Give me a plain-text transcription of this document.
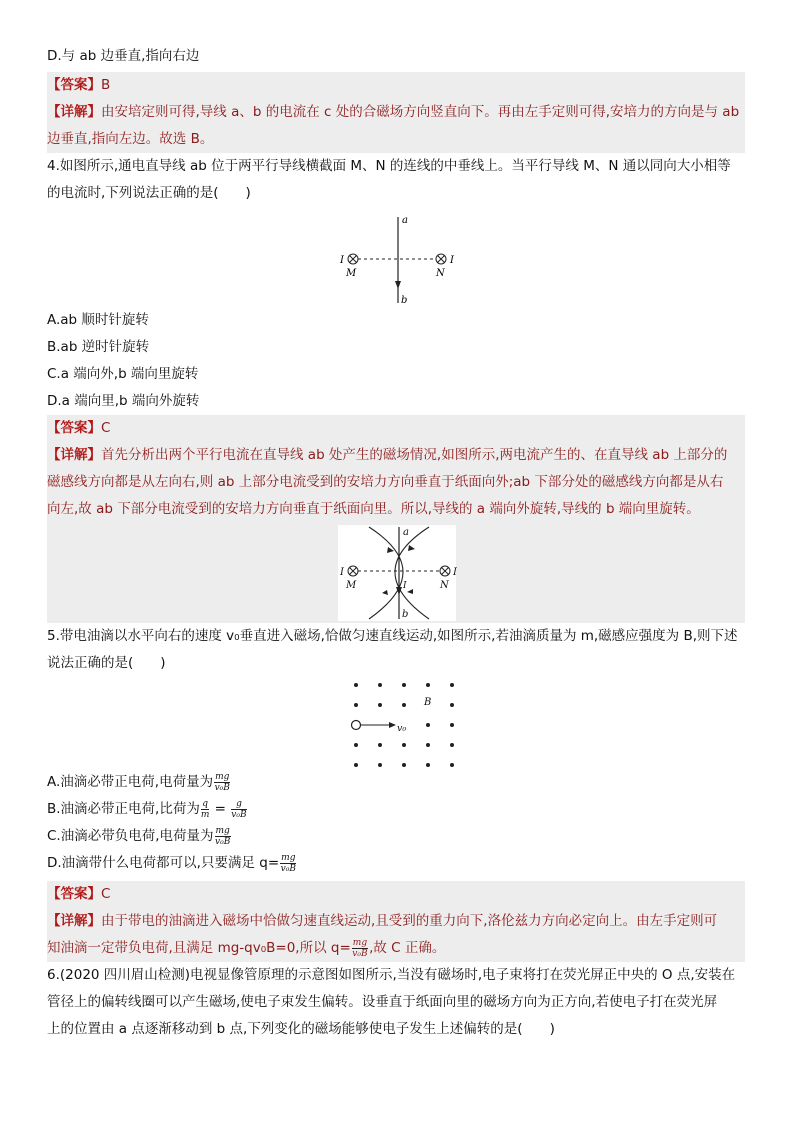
D.与 ab 边垂直,指向右边
【答案】B
【详解】由安培定则可得,导线 a、b 的电流在 c 处的合磁场方向竖直向下。再由左手定则可得,安培力的方向是与 ab
边垂直,指向左边。故选 B。
4.如图所示,通电直导线 ab 位于两平行导线横截面 M、N 的连线的中垂线上。当平行导线 M、N 通以同向大小相等
的电流时,下列说法正确的是(　　)
a
b
I	I
M	N
A.ab 顺时针旋转
B.ab 逆时针旋转
C.a 端向外,b 端向里旋转
D.a 端向里,b 端向外旋转
【答案】C
【详解】首先分析出两个平行电流在直导线 ab 处产生的磁场情况,如图所示,两电流产生的、在直导线 ab 上部分的
磁感线方向都是从左向右,则 ab 上部分电流受到的安培力方向垂直于纸面向外;ab 下部分处的磁感线方向都是从右
向左,故 ab 下部分电流受到的安培力方向垂直于纸面向里。所以,导线的 a 端向外旋转,导线的 b 端向里旋转。
a
b
I	I
M	N
I
5.带电油滴以水平向右的速度 v₀垂直进入磁场,恰做匀速直线运动,如图所示,若油滴质量为 m,磁感应强度为 B,则下述
说法正确的是(　　)
v₀
B
A.油滴必带正电荷,电荷量为 $\frac{mg}{\text{v₀B}}$
B.油滴必带正电荷,比荷为 $\frac{q}{m} = \frac{g}{\text{v₀B}}$
C.油滴必带负电荷,电荷量为 $\frac{mg}{\text{v₀B}}$
D.油滴带什么电荷都可以,只要满足 $q= \frac{mg}{\text{v₀B}}$
【答案】C
【详解】由于带电的油滴进入磁场中恰做匀速直线运动,且受到的重力向下,洛伦兹力方向必定向上。由左手定则可
知油滴一定带负电荷,且满足 mg-qv₀B=0,所以 $q= \frac{mg}{\text{v₀B}}$ ,故 C 正确。
6.(2020 四川眉山检测)电视显像管原理的示意图如图所示,当没有磁场时,电子束将打在荧光屏正中央的 O 点,安装在
管径上的偏转线圈可以产生磁场,使电子束发生偏转。设垂直于纸面向里的磁场方向为正方向,若使电子打在荧光屏
上的位置由 a 点逐渐移动到 b 点,下列变化的磁场能够使电子发生上述偏转的是(　　)
